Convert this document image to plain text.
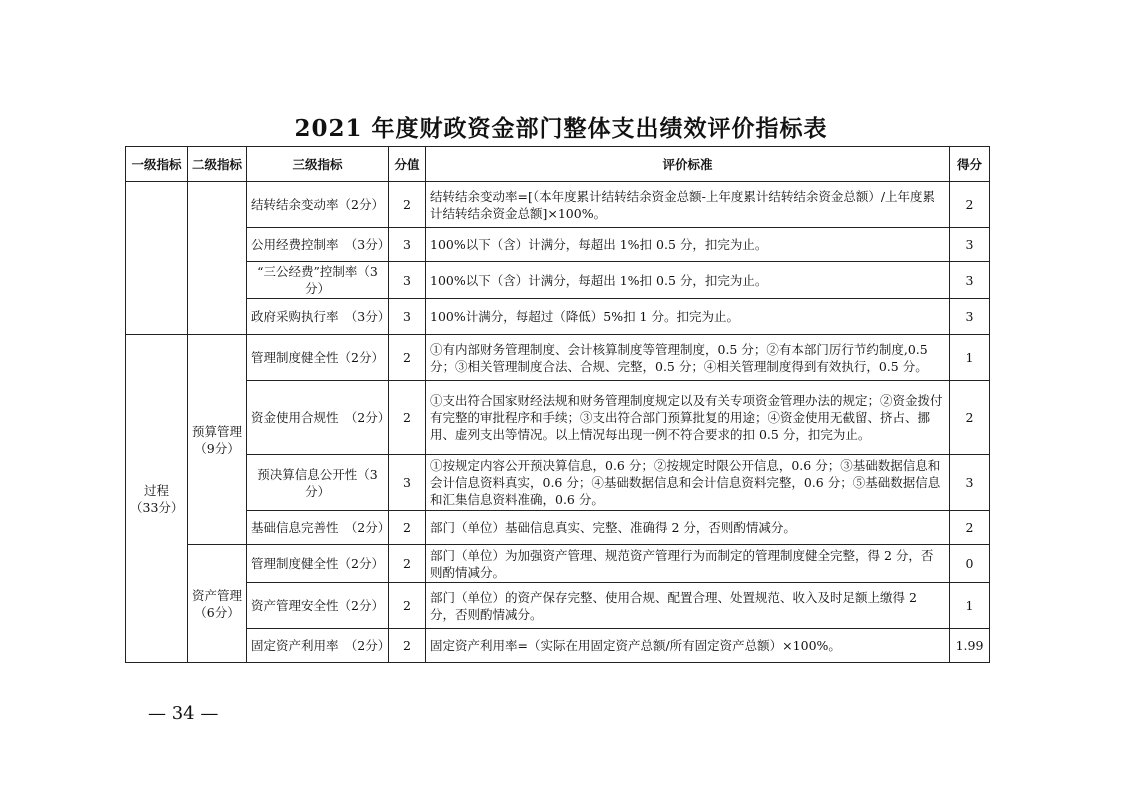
2021 年度财政资金部门整体支出绩效评价指标表
一级指标	二级指标	三级指标	分值	评价标准	得分
		结转结余变动率（2分）	2	结转结余变动率=[（本年度累计结转结余资金总额-上年度累计结转结余资金总额）/上年度累计结转结余资金总额]×100%。	2
		公用经费控制率　（3分）	3	100%以下（含）计满分，每超出 1%扣 0.5 分，扣完为止。	3
		“三公经费”控制率（3分）	3	100%以下（含）计满分，每超出 1%扣 0.5 分，扣完为止。	3
		政府采购执行率　（3分）	3	100%计满分，每超过（降低）5%扣 1 分。扣完为止。	3
过程（33分）	预算管理（9分）	管理制度健全性（2分）	2	①有内部财务管理制度、会计核算制度等管理制度，0.5 分；②有本部门厉行节约制度,0.5 分；③相关管理制度合法、合规、完整，0.5 分；④相关管理制度得到有效执行，0.5 分。	1
		资金使用合规性　（2分）	2	①支出符合国家财经法规和财务管理制度规定以及有关专项资金管理办法的规定；②资金拨付有完整的审批程序和手续；③支出符合部门预算批复的用途；④资金使用无截留、挤占、挪用、虚列支出等情况。以上情况每出现一例不符合要求的扣 0.5 分，扣完为止。	2
		预决算信息公开性（3分）	3	①按规定内容公开预决算信息，0.6 分；②按规定时限公开信息，0.6 分；③基础数据信息和会计信息资料真实，0.6 分；④基础数据信息和会计信息资料完整，0.6 分；⑤基础数据信息和汇集信息资料准确，0.6 分。	3
		基础信息完善性　（2分）	2	部门（单位）基础信息真实、完整、准确得 2 分，否则酌情减分。	2
	资产管理（6分）	管理制度健全性（2分）	2	部门（单位）为加强资产管理、规范资产管理行为而制定的管理制度健全完整，得 2 分，否则酌情减分。	0
		资产管理安全性（2分）	2	部门（单位）的资产保存完整、使用合规、配置合理、处置规范、收入及时足额上缴得 2 分，否则酌情减分。	1
		固定资产利用率　（2分）	2	固定资产利用率=（实际在用固定资产总额/所有固定资产总额）×100%。	1.99
— 34 —
